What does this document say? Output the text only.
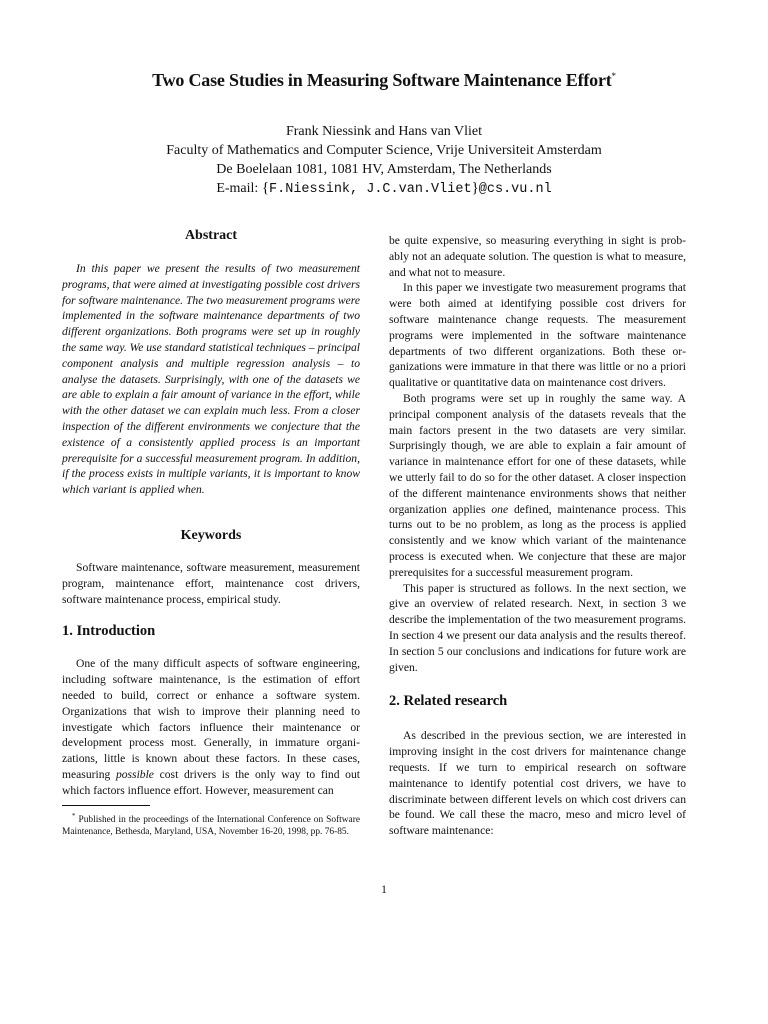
Two Case Studies in Measuring Software Maintenance Effort*
Frank Niessink and Hans van Vliet
Faculty of Mathematics and Computer Science, Vrije Universiteit Amsterdam
De Boelelaan 1081, 1081 HV, Amsterdam, The Netherlands
E-mail: {F.Niessink, J.C.van.Vliet}@cs.vu.nl
Abstract

In this paper we present the results of two measurement programs, that were aimed at investigating possible cost drivers for software maintenance. The two measurement programs were implemented in the software maintenance departments of two different organizations. Both programs were set up in roughly the same way. We use standard statistical techniques – principal component analysis and multiple regression analysis – to analyse the datasets. Surprisingly, with one of the datasets we are able to explain a fair amount of variance in the effort, while with the other dataset we can explain much less. From a closer inspection of the different environments we conjecture that the existence of a consistently applied process is an important prerequisite for a successful measurement program. In addition, if the process exists in multiple variants, it is important to know which variant is applied when.

Keywords

Software maintenance, software measurement, measurement program, maintenance effort, maintenance cost drivers, software maintenance process, empirical study.

1. Introduction

One of the many difficult aspects of software engineering, including software maintenance, is the estimation of effort needed to build, correct or enhance a software system. Organizations that wish to improve their planning need to investigate which factors influence their maintenance or development process most. Generally, in immature organizations, little is known about these factors. In these cases, measuring possible cost drivers is the only way to find out which factors influence effort. However, measurement can

* Published in the proceedings of the International Conference on Software Maintenance, Bethesda, Maryland, USA, November 16-20, 1998, pp. 76-85.

be quite expensive, so measuring everything in sight is probably not an adequate solution. The question is what to measure, and what not to measure.

In this paper we investigate two measurement programs that were both aimed at identifying possible cost drivers for software maintenance change requests. The measurement programs were implemented in the software maintenance departments of two different organizations. Both these organizations were immature in that there was little or no a priori qualitative or quantitative data on maintenance cost drivers.

Both programs were set up in roughly the same way. A principal component analysis of the datasets reveals that the main factors present in the two datasets are very similar. Surprisingly though, we are able to explain a fair amount of variance in maintenance effort for one of these datasets, while we utterly fail to do so for the other dataset. A closer inspection of the different maintenance environments shows that neither organization applies one defined, maintenance process. This turns out to be no problem, as long as the process is applied consistently and we know which variant of the maintenance process is executed when. We conjecture that these are major prerequisites for a successful measurement program.

This paper is structured as follows. In the next section, we give an overview of related research. Next, in section 3 we describe the implementation of the two measurement programs. In section 4 we present our data analysis and the results thereof. In section 5 our conclusions and indications for future work are given.

2. Related research

As described in the previous section, we are interested in improving insight in the cost drivers for maintenance change requests. If we turn to empirical research on software maintenance to identify potential cost drivers, we have to discriminate between different levels on which cost drivers can be found. We call these the macro, meso and micro level of software maintenance:

1
